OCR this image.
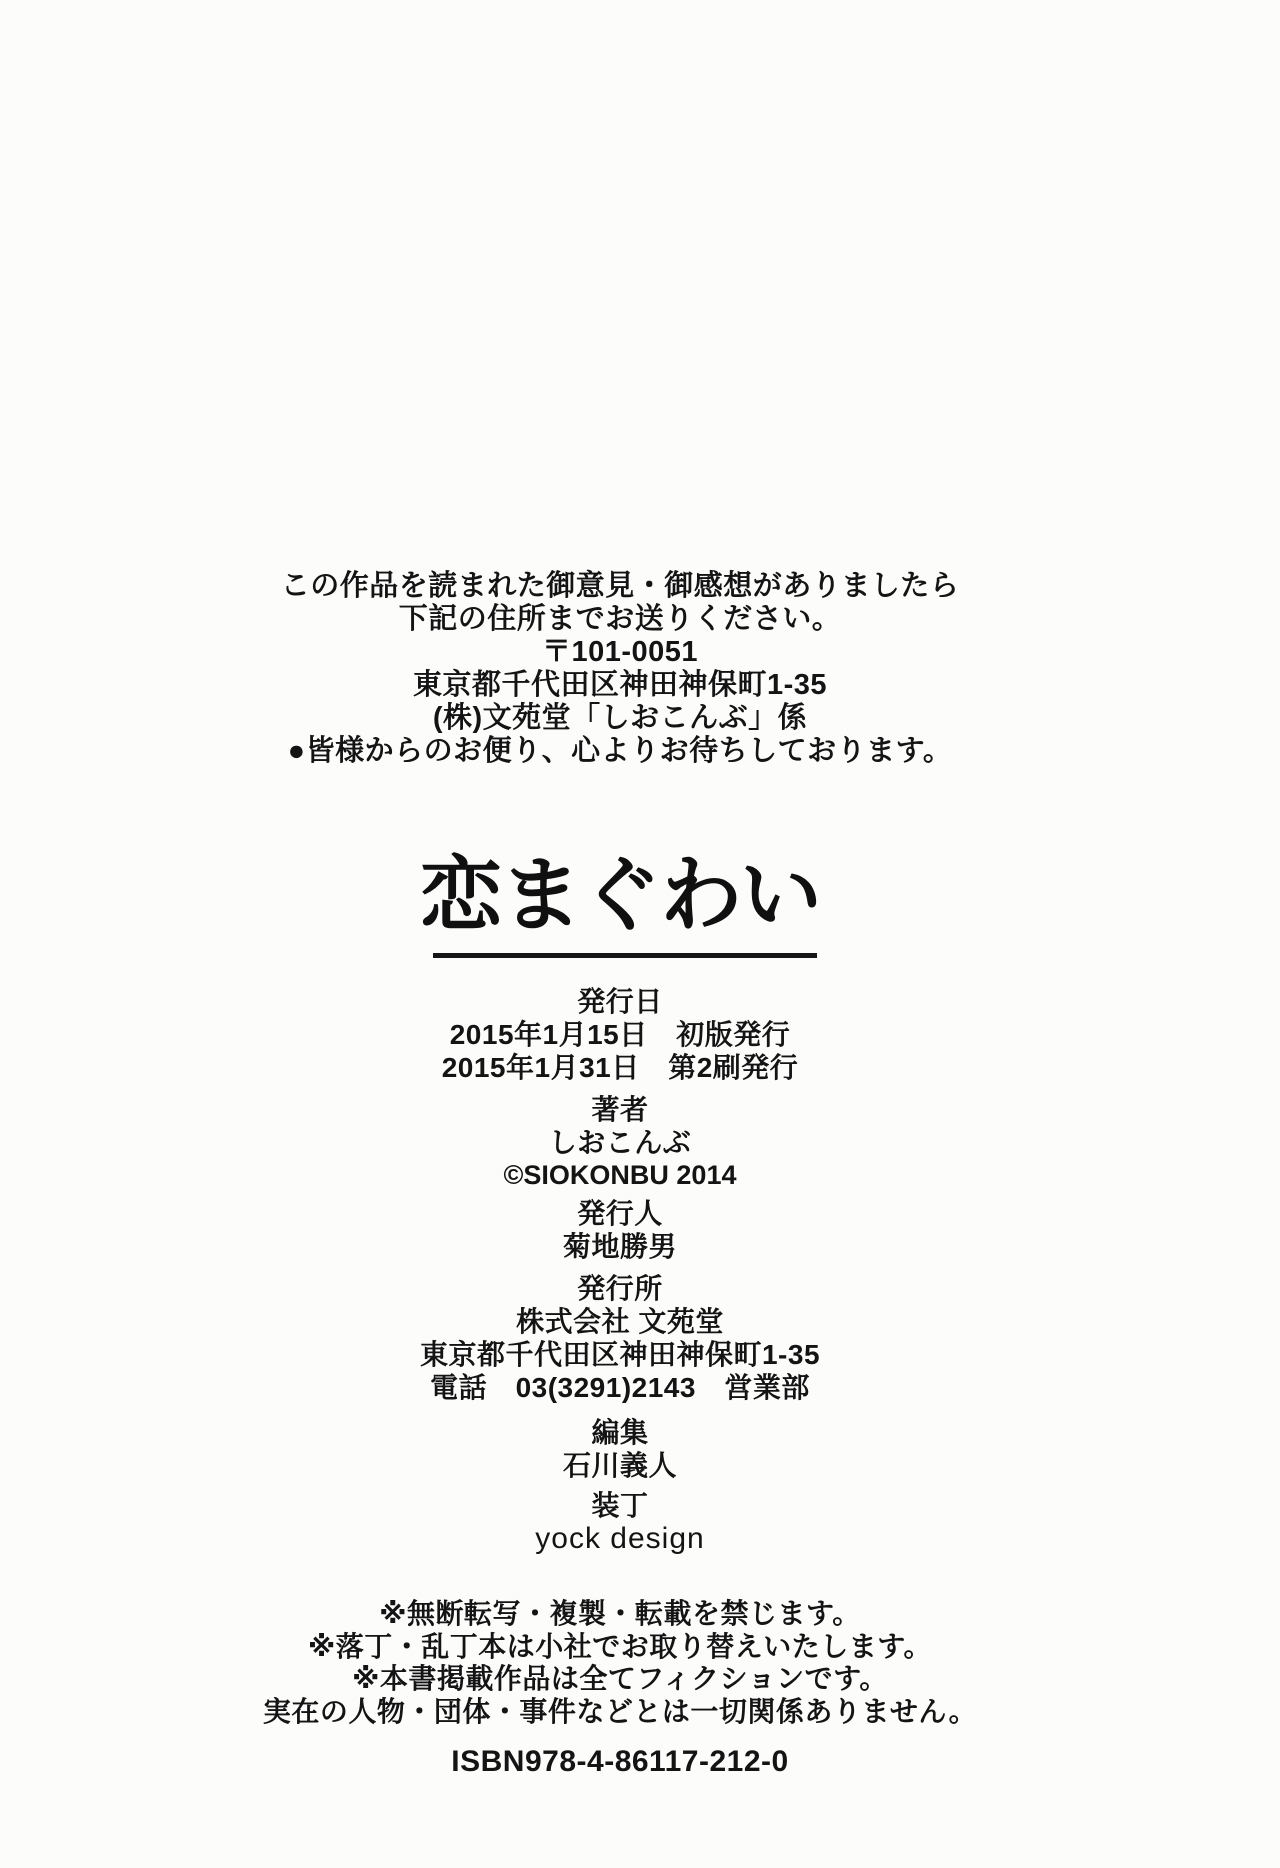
この作品を読まれた御意見・御感想がありましたら
下記の住所までお送りください。
〒101-0051
東京都千代田区神田神保町1-35
(株)文苑堂「しおこんぶ」係
●皆様からのお便り、心よりお待ちしております。
恋まぐわい
発行日
2015年1月15日　初版発行
2015年1月31日　第2刷発行
著者
しおこんぶ
©SIOKONBU 2014
発行人
菊地勝男
発行所
株式会社 文苑堂
東京都千代田区神田神保町1-35
電話　03(3291)2143　営業部
編集
石川義人
装丁
yock design
※無断転写・複製・転載を禁じます。
※落丁・乱丁本は小社でお取り替えいたします。
※本書掲載作品は全てフィクションです。
実在の人物・団体・事件などとは一切関係ありません。
ISBN978-4-86117-212-0
